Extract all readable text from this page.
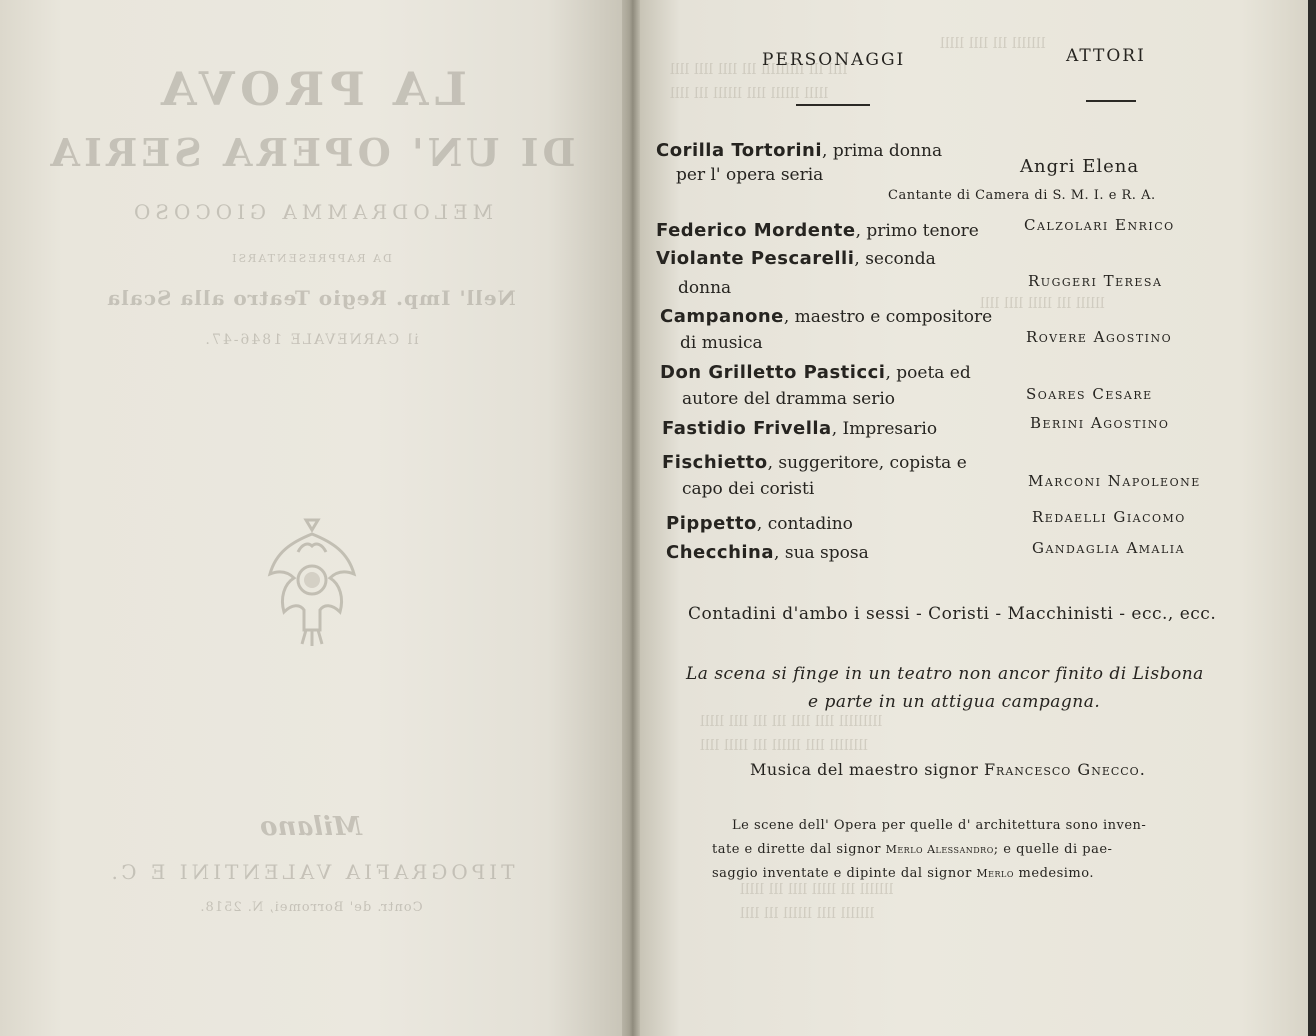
LA PROVA
DI UN' OPERA SERIA
MELODRAMMA GIOCOSO
DA RAPPRESENTARSI
Nell' Imp. Regio Teatro alla Scala
il CARNEVALE 1846-47.
Milano
TIPOGRAFIA VALENTINI E C.
Contr. de' Borromei, N. 2518.
lllllll lll llll lllll
llll lll lllllllll lll llll llll llll
lllll llllll llll llllll lll llll
llllll lll lllll llll llll
lllllllll llll llll lll lll llll lllll
llllllll llll llllll lll lllll llll
lllllll lll lllll llll lll lllll
lllllll llll llllll lll llll
PERSONAGGI	ATTORI
Corilla Tortorini, prima donna
per l' opera seria	Angri Elena
Cantante di Camera di S. M. I. e R. A.
Federico Mordente, primo tenore	Calzolari Enrico
Violante Pescarelli, seconda
donna	Ruggeri Teresa
Campanone, maestro e compositore
di musica	Rovere Agostino
Don Grilletto Pasticci, poeta ed
autore del dramma serio	Soares Cesare
Fastidio Frivella, Impresario	Berini Agostino
Fischietto, suggeritore, copista e
capo dei coristi	Marconi Napoleone
Pippetto, contadino	Redaelli Giacomo
Checchina, sua sposa	Gandaglia Amalia
Contadini d'ambo i sessi - Coristi - Macchinisti - ecc., ecc.
La scena si finge in un teatro non ancor finito di Lisbona
e parte in un attigua campagna.
Musica del maestro signor Francesco Gnecco.
Le scene dell' Opera per quelle d' architettura sono inven-
tate e dirette dal signor Merlo Alessandro; e quelle di pae-
saggio inventate e dipinte dal signor Merlo medesimo.
